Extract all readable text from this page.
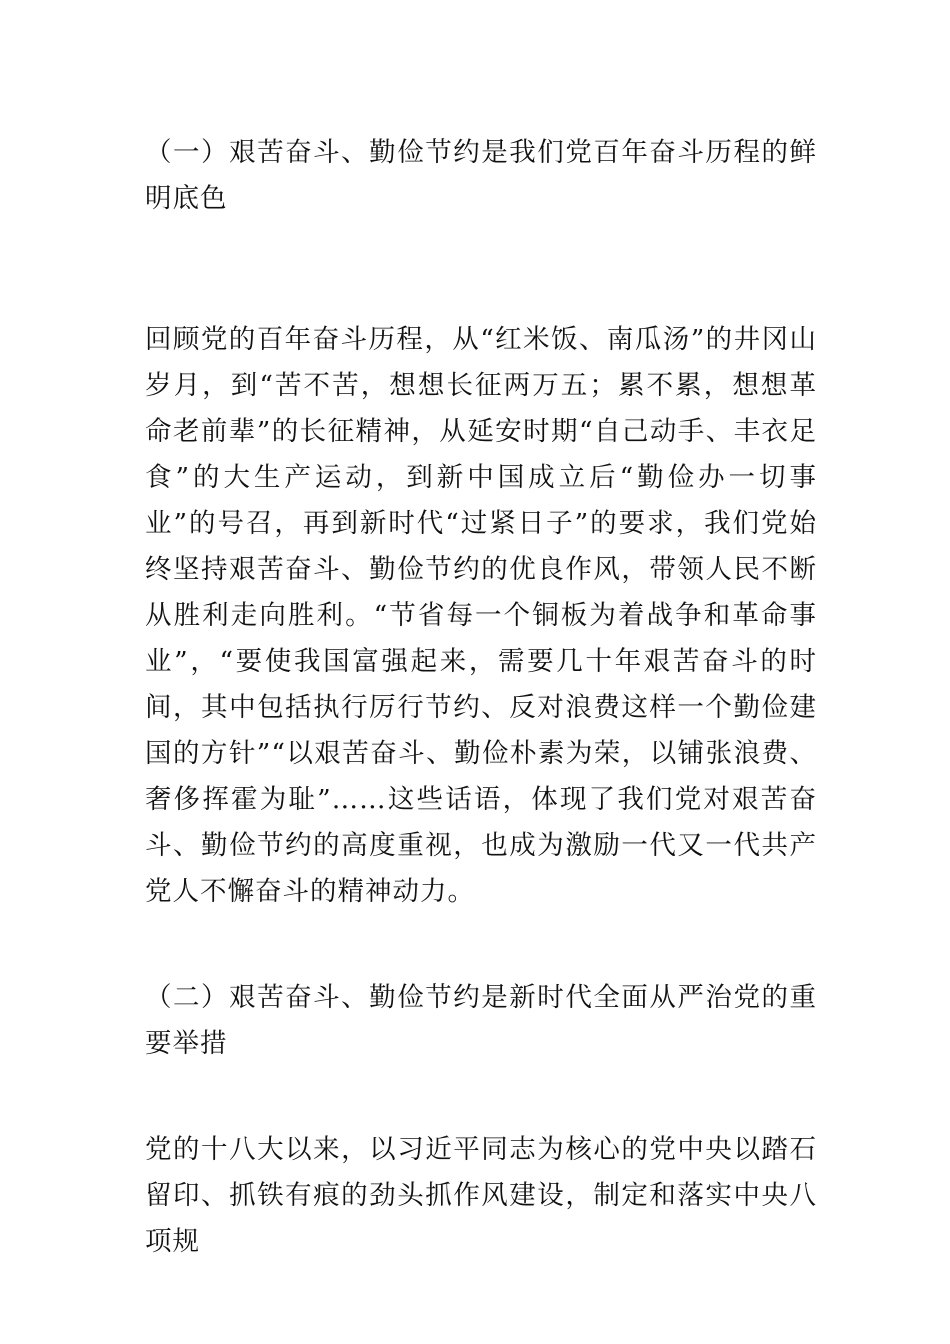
（一）艰苦奋斗、勤俭节约是我们党百年奋斗历程的鲜明底色

回顾党的百年奋斗历程，从“红米饭、南瓜汤”的井冈山岁月，到“苦不苦，想想长征两万五；累不累，想想革命老前辈”的长征精神，从延安时期“自己动手、丰衣足食”的大生产运动，到新中国成立后“勤俭办一切事业”的号召，再到新时代“过紧日子”的要求，我们党始终坚持艰苦奋斗、勤俭节约的优良作风，带领人民不断从胜利走向胜利。“节省每一个铜板为着战争和革命事业”，“要使我国富强起来，需要几十年艰苦奋斗的时间，其中包括执行厉行节约、反对浪费这样一个勤俭建国的方针”“以艰苦奋斗、勤俭朴素为荣，以铺张浪费、奢侈挥霍为耻”……这些话语，体现了我们党对艰苦奋斗、勤俭节约的高度重视，也成为激励一代又一代共产党人不懈奋斗的精神动力。

（二）艰苦奋斗、勤俭节约是新时代全面从严治党的重要举措

党的十八大以来，以习近平同志为核心的党中央以踏石留印、抓铁有痕的劲头抓作风建设，制定和落实中央八项规
